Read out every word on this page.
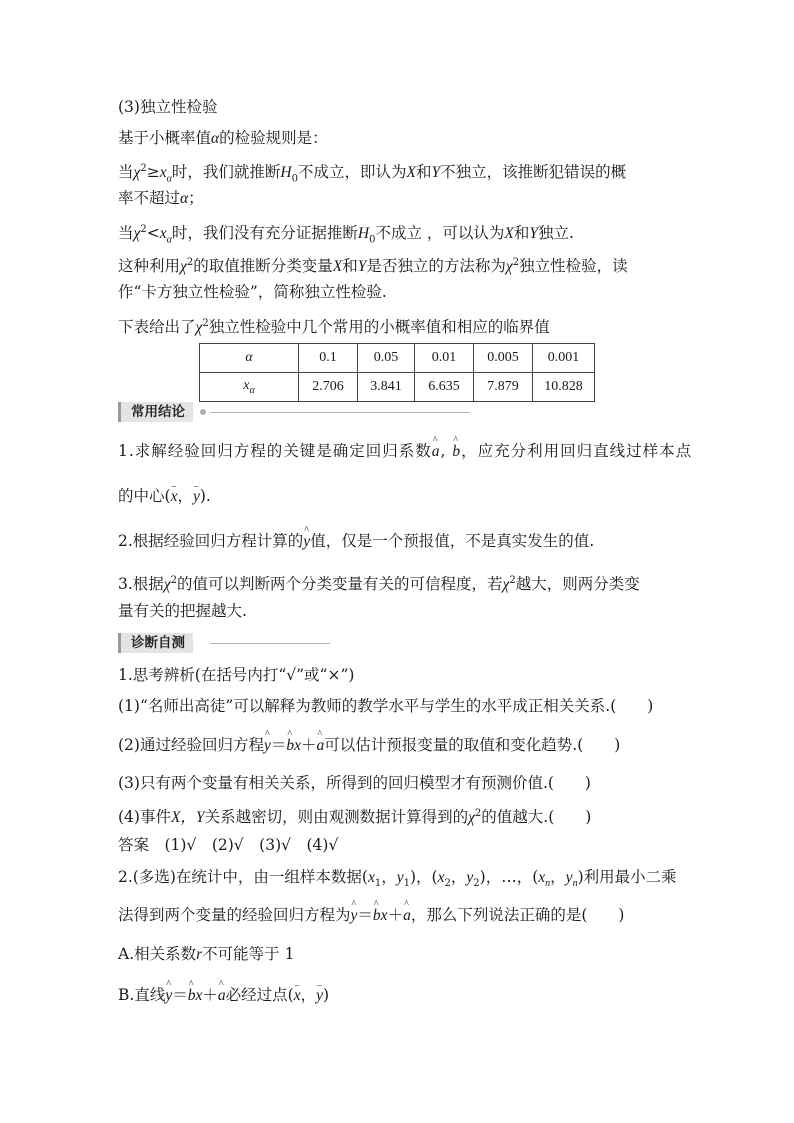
(3)独立性检验
基于小概率值α的检验规则是：
当$\chi^2\ge x_\alpha$时，我们就推断$H_0$不成立，即认为X和Y不独立，该推断犯错误的概
率不超过α；
当$\chi^2<x_\alpha$时，我们没有充分证据推断$H_0$不成立 ，可以认为X和Y独立.
这种利用$\chi^2$的取值推断分类变量X和Y是否独立的方法称为$\chi^2$独立性检验，读
作“卡方独立性检验”，简称独立性检验.
下表给出了$\chi^2$独立性检验中几个常用的小概率值和相应的临界值
α	0.1	0.05	0.01	0.005	0.001
$x_\alpha$	2.706	3.841	6.635	7.879	10.828
常用结论
1.求解经验回归方程的关键是确定回归系数^ a, ^ b，应充分利用回归直线过样本点
的中心(– x，– y).
2.根据经验回归方程计算的^ y值，仅是一个预报值，不是真实发生的值.
3.根据$\chi^2$的值可以判断两个分类变量有关的可信程度，若$\chi^2$越大，则两分类变
量有关的把握越大.
诊断自测
1.思考辨析(在括号内打“√”或“×”)
(1)“名师出高徒”可以解释为教师的教学水平与学生的水平成正相关关系.(　　)
(2)通过经验回归方程^ y＝^ bx＋^ a可以估计预报变量的取值和变化趋势.(　　)
(3)只有两个变量有相关关系，所得到的回归模型才有预测价值.(　　)
(4)事件X，Y关系越密切，则由观测数据计算得到的$\chi^2$的值越大.(　　)
答案　(1)√　(2)√　(3)√　(4)√
2.(多选)在统计中，由一组样本数据($x_1$，$y_1$)，($x_2$，$y_2$)，…，($x_n$，$y_n$)利用最小二乘
法得到两个变量的经验回归方程为^ y＝^ bx＋^ a，那么下列说法正确的是(　　)
A.相关系数r不可能等于 1
B.直线^ y＝^ bx＋^ a必经过点(– x，– y)
